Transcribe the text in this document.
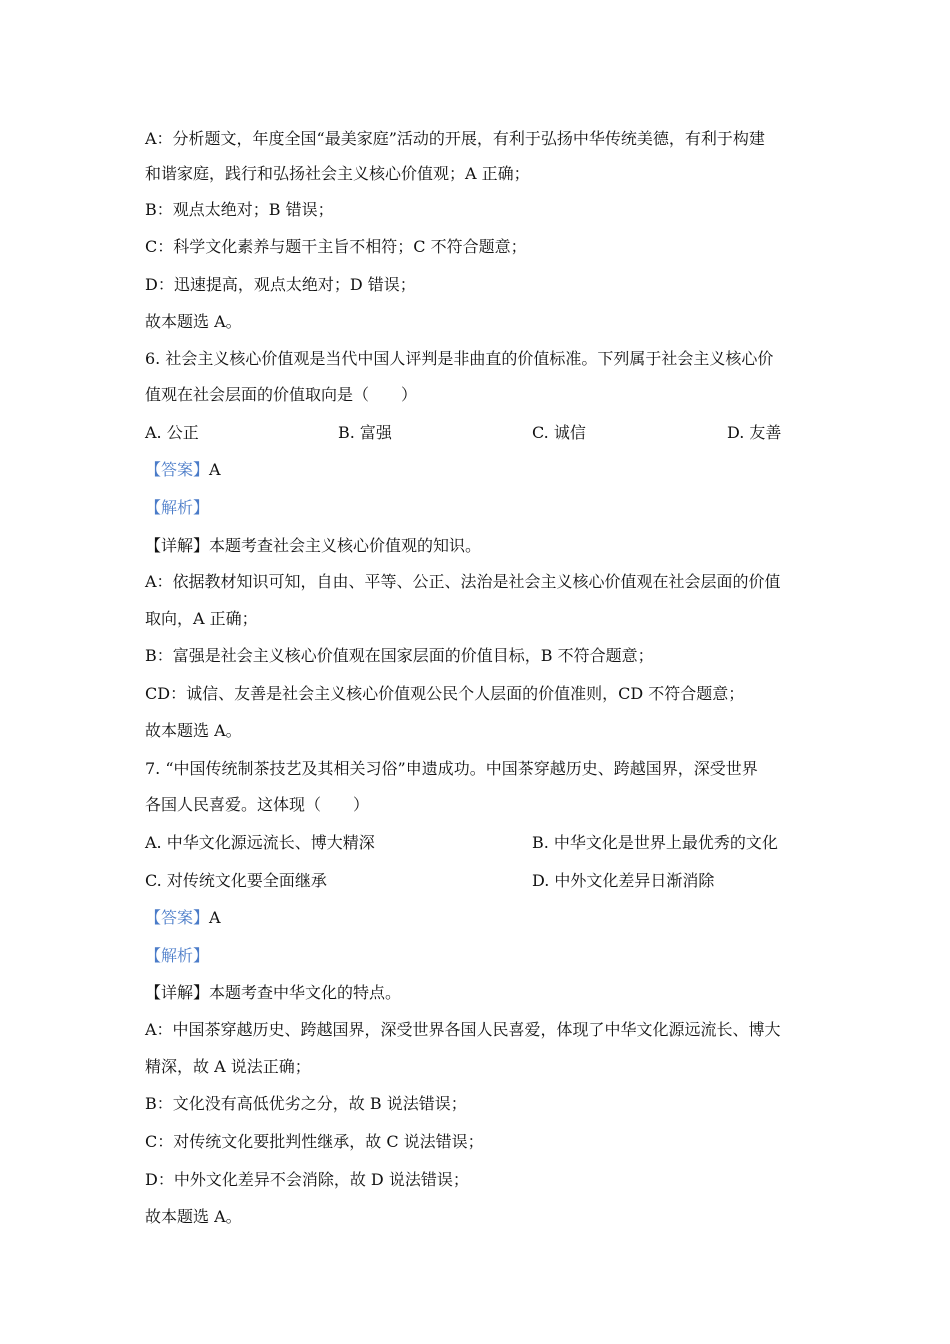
A：分析题文，年度全国“最美家庭”活动的开展，有利于弘扬中华传统美德，有利于构建
和谐家庭，践行和弘扬社会主义核心价值观；A 正确；
B：观点太绝对；B 错误；
C：科学文化素养与题干主旨不相符；C 不符合题意；
D：迅速提高，观点太绝对；D 错误；
故本题选 A。
6. 社会主义核心价值观是当代中国人评判是非曲直的价值标准。下列属于社会主义核心价
值观在社会层面的价值取向是（　　）
A. 公正	B. 富强	C. 诚信	D. 友善
【答案】A
【解析】
【详解】本题考查社会主义核心价值观的知识。
A：依据教材知识可知，自由、平等、公正、法治是社会主义核心价值观在社会层面的价值
取向，A 正确；
B：富强是社会主义核心价值观在国家层面的价值目标，B 不符合题意；
CD：诚信、友善是社会主义核心价值观公民个人层面的价值准则，CD 不符合题意；
故本题选 A。
7. “中国传统制茶技艺及其相关习俗”申遗成功。中国茶穿越历史、跨越国界，深受世界
各国人民喜爱。这体现（　　）
A. 中华文化源远流长、博大精深	B. 中华文化是世界上最优秀的文化
C. 对传统文化要全面继承	D. 中外文化差异日渐消除
【答案】A
【解析】
【详解】本题考查中华文化的特点。
A：中国茶穿越历史、跨越国界，深受世界各国人民喜爱，体现了中华文化源远流长、博大
精深，故 A 说法正确；
B：文化没有高低优劣之分，故 B 说法错误；
C：对传统文化要批判性继承，故 C 说法错误；
D：中外文化差异不会消除，故 D 说法错误；
故本题选 A。
